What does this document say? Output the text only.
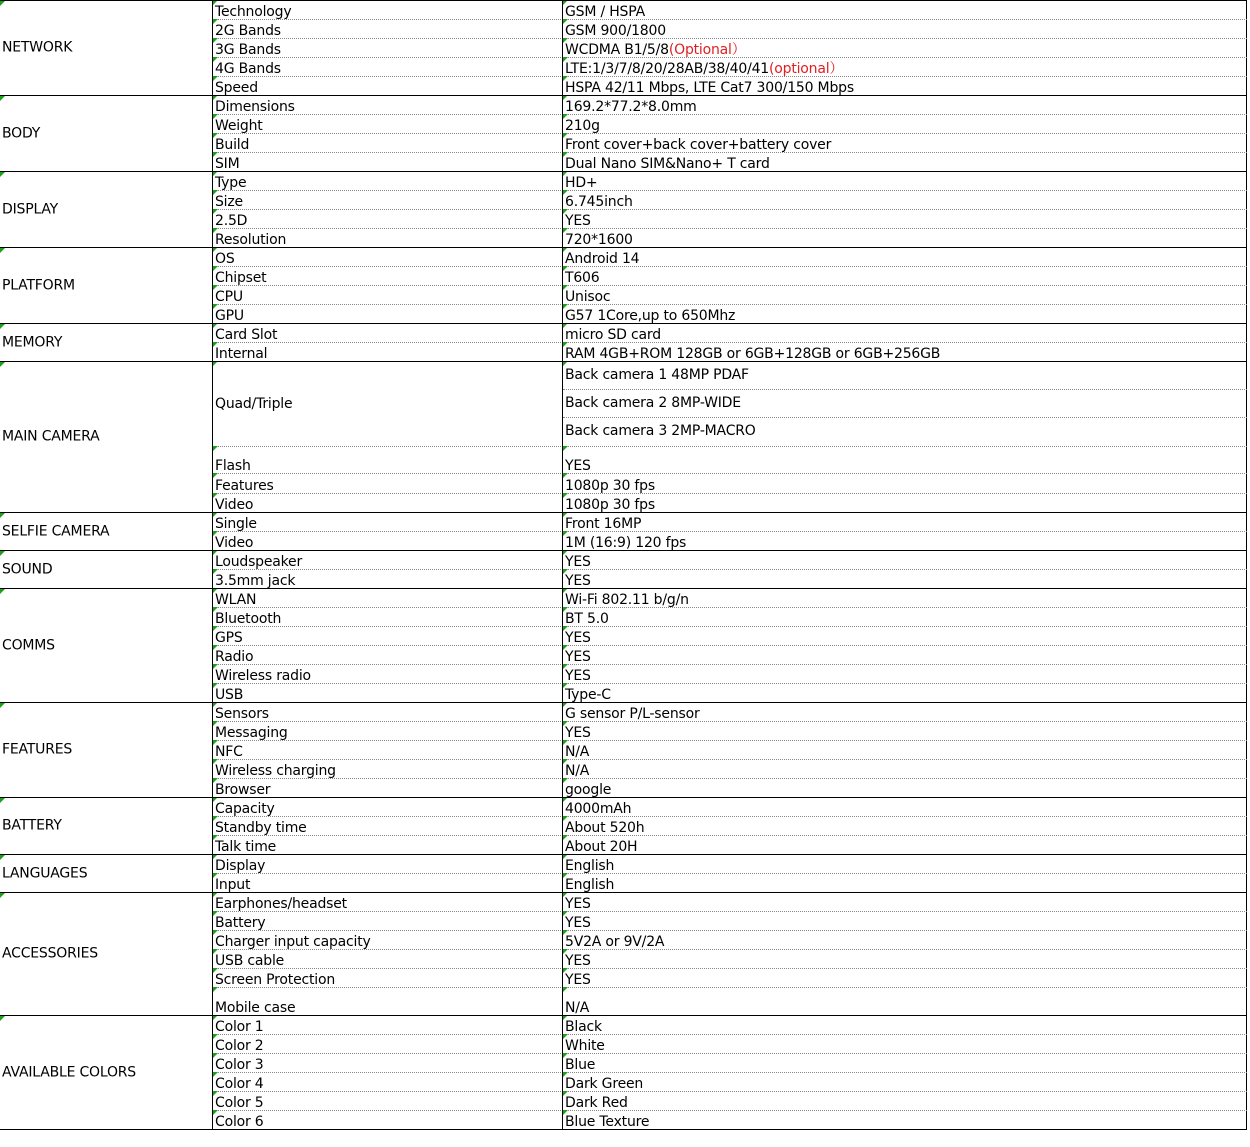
Technology	GSM / HSPA
2G Bands	GSM 900/1800
3G Bands	WCDMA B1/5/8(Optional）
4G Bands	LTE:1/3/7/8/20/28AB/38/40/41(optional）
Speed	HSPA 42/11 Mbps, LTE Cat7 300/150 Mbps
NETWORK
Dimensions	169.2*77.2*8.0mm
Weight	210g
Build	Front cover+back cover+battery cover
SIM	Dual Nano SIM&Nano+ T card
BODY
Type	HD+
Size	6.745inch
2.5D	YES
Resolution	720*1600
DISPLAY
OS	Android 14
Chipset	T606
CPU	Unisoc
GPU	G57 1Core,up to 650Mhz
PLATFORM
Card Slot	micro SD card
Internal	RAM 4GB+ROM 128GB or 6GB+128GB or 6GB+256GB
MEMORY
Quad/Triple
Back camera 1 48MP PDAF
Back camera 2 8MP-WIDE
Back camera 3 2MP-MACRO
Flash	YES
Features	1080p 30 fps
Video	1080p 30 fps
MAIN CAMERA
Single	Front 16MP
Video	1M (16:9) 120 fps
SELFIE CAMERA
Loudspeaker	YES
3.5mm jack	YES
SOUND
WLAN	Wi-Fi 802.11 b/g/n
Bluetooth	BT 5.0
GPS	YES
Radio	YES
Wireless radio	YES
USB	Type-C
COMMS
Sensors	G sensor P/L-sensor
Messaging	YES
NFC	N/A
Wireless charging	N/A
Browser	google
FEATURES
Capacity	4000mAh
Standby time	About 520h
Talk time	About 20H
BATTERY
Display	English
Input	English
LANGUAGES
Earphones/headset	YES
Battery	YES
Charger input capacity	5V2A or 9V/2A
USB cable	YES
Screen Protection	YES
Mobile case	N/A
ACCESSORIES
Color 1	Black
Color 2	White
Color 3	Blue
Color 4	Dark Green
Color 5	Dark Red
Color 6	Blue Texture
AVAILABLE COLORS
